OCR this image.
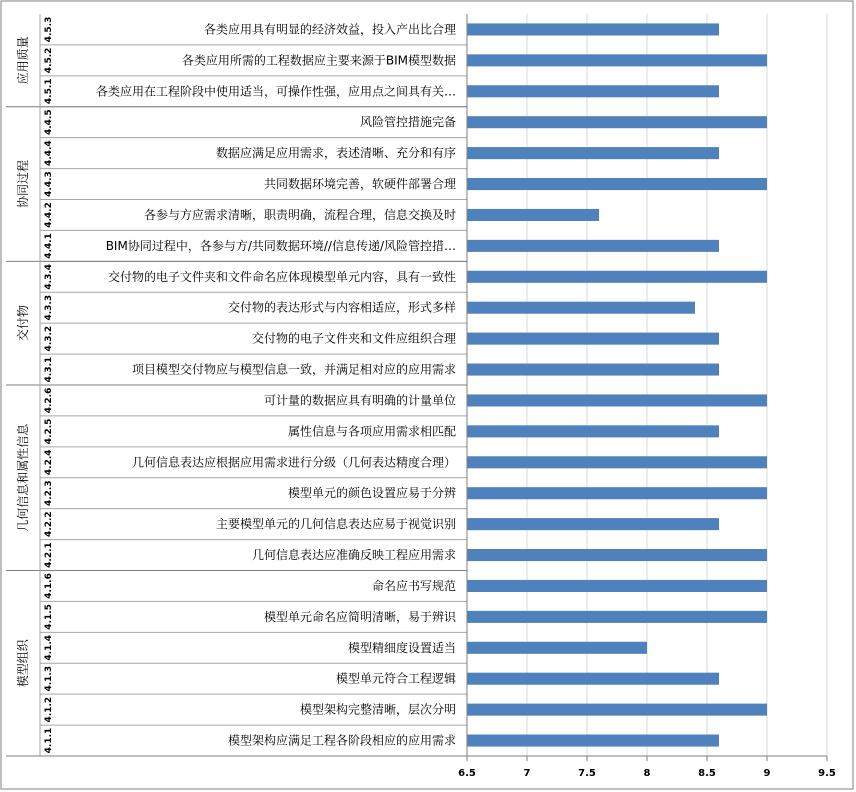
各类应用具有明显的经济效益，投入产出比合理
4.5.3
各类应用所需的工程数据应主要来源于BIM模型数据
4.5.2
各类应用在工程阶段中使用适当，可操作性强，应用点之间具有关…
4.5.1
风险管控措施完备
4.4.5
数据应满足应用需求，表述清晰、充分和有序
4.4.4
共同数据环境完善，软硬件部署合理
4.4.3
各参与方应需求清晰，职责明确，流程合理，信息交换及时
4.4.2
BIM协同过程中，各参与方/共同数据环境//信息传递/风险管控措…
4.4.1
交付物的电子文件夹和文件命名应体现模型单元内容，具有一致性
4.3.4
交付物的表达形式与内容相适应，形式多样
4.3.3
交付物的电子文件夹和文件应组织合理
4.3.2
项目模型交付物应与模型信息一致，并满足相对应的应用需求
4.3.1
可计量的数据应具有明确的计量单位
4.2.6
属性信息与各项应用需求相匹配
4.2.5
几何信息表达应根据应用需求进行分级（几何表达精度合理）
4.2.4
模型单元的颜色设置应易于分辨
4.2.3
主要模型单元的几何信息表达应易于视觉识别
4.2.2
几何信息表达应准确反映工程应用需求
4.2.1
命名应书写规范
4.1.6
模型单元命名应简明清晰，易于辨识
4.1.5
模型精细度设置适当
4.1.4
模型单元符合工程逻辑
4.1.3
模型架构完整清晰，层次分明
4.1.2
模型架构应满足工程各阶段相应的应用需求
4.1.1
应用质量
协同过程
交付物
几何信息和属性信息
模型组织
6.5	7	7.5	8	8.5	9	9.5
